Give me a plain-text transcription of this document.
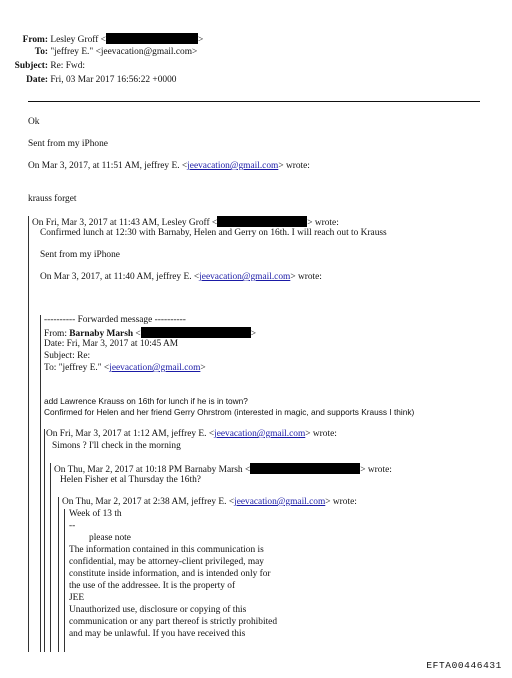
From: Lesley Groff <	>
To: "jeffrey E." <jeevacation@gmail.com>
Subject: Re: Fwd:
Date: Fri, 03 Mar 2017 16:56:22 +0000
Ok
Sent from my iPhone
On Mar 3, 2017, at 11:51 AM, jeffrey E. <jeevacation@gmail.com> wrote:
krauss forget
On Fri, Mar 3, 2017 at 11:43 AM, Lesley Groff <	> wrote:
Confirmed lunch at 12:30 with Barnaby, Helen and Gerry on 16th. I will reach out to Krauss
Sent from my iPhone
On Mar 3, 2017, at 11:40 AM, jeffrey E. <jeevacation@gmail.com> wrote:
---------- Forwarded message ----------
From: Barnaby Marsh <	>
Date: Fri, Mar 3, 2017 at 10:45 AM
Subject: Re:
To: "jeffrey E." <jeevacation@gmail.com>
add Lawrence Krauss on 16th for lunch if he is in town?
Confirmed for Helen and her friend Gerry Ohrstrom (interested in magic, and supports Krauss I think)
On Fri, Mar 3, 2017 at 1:12 AM, jeffrey E. <jeevacation@gmail.com> wrote:
Simons ? I'll check in the morning
On Thu, Mar 2, 2017 at 10:18 PM Barnaby Marsh <	> wrote:
Helen Fisher et al Thursday the 16th?
On Thu, Mar 2, 2017 at 2:38 AM, jeffrey E. <jeevacation@gmail.com> wrote:
Week of 13 th
--
please note
The information contained in this communication is
confidential, may be attorney-client privileged, may
constitute inside information, and is intended only for
the use of the addressee. It is the property of
JEE
Unauthorized use, disclosure or copying of this
communication or any part thereof is strictly prohibited
and may be unlawful. If you have received this
EFTA00446431
